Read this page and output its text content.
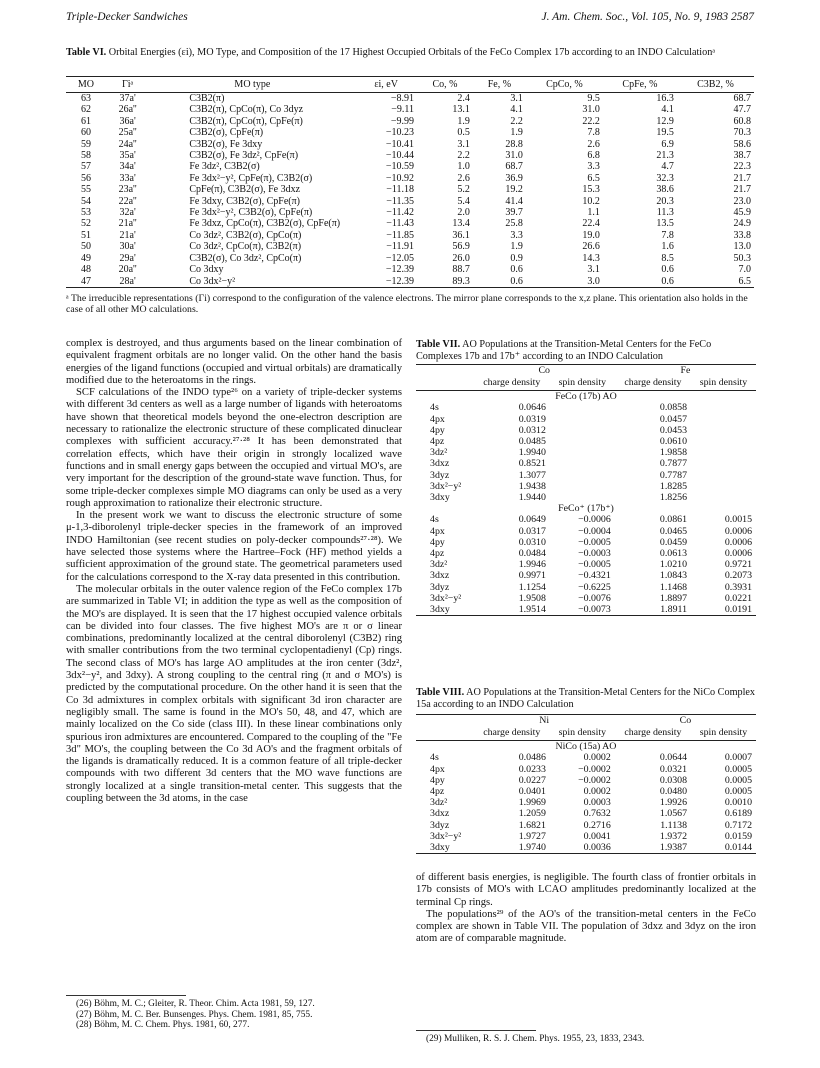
Triple-Decker Sandwiches	J. Am. Chem. Soc., Vol. 105, No. 9, 1983 2587
Table VI. Orbital Energies (εi), MO Type, and Composition of the 17 Highest Occupied Orbitals of the FeCo Complex 17b according to an INDO Calculationᵃ
MO	Γiᵃ	MO type	εi, eV	Co, %	Fe, %	CpCo, %	CpFe, %	C3B2, %
63	37a'	C3B2(π)	−8.91	2.4	3.1	9.5	16.3	68.7
62	26a''	C3B2(π), CpCo(π), Co 3dyz	−9.11	13.1	4.1	31.0	4.1	47.7
61	36a'	C3B2(π), CpCo(π), CpFe(π)	−9.99	1.9	2.2	22.2	12.9	60.8
60	25a''	C3B2(σ), CpFe(π)	−10.23	0.5	1.9	7.8	19.5	70.3
59	24a''	C3B2(σ), Fe 3dxy	−10.41	3.1	28.8	2.6	6.9	58.6
58	35a'	C3B2(σ), Fe 3dz², CpFe(π)	−10.44	2.2	31.0	6.8	21.3	38.7
57	34a'	Fe 3dz², C3B2(σ)	−10.59	1.0	68.7	3.3	4.7	22.3
56	33a'	Fe 3dx²−y², CpFe(π), C3B2(σ)	−10.92	2.6	36.9	6.5	32.3	21.7
55	23a''	CpFe(π), C3B2(σ), Fe 3dxz	−11.18	5.2	19.2	15.3	38.6	21.7
54	22a''	Fe 3dxy, C3B2(σ), CpFe(π)	−11.35	5.4	41.4	10.2	20.3	23.0
53	32a'	Fe 3dx²−y², C3B2(σ), CpFe(π)	−11.42	2.0	39.7	1.1	11.3	45.9
52	21a''	Fe 3dxz, CpCo(π), C3B2(σ), CpFe(π)	−11.43	13.4	25.8	22.4	13.5	24.9
51	21a'	Co 3dz², C3B2(σ), CpCo(π)	−11.85	36.1	3.3	19.0	7.8	33.8
50	30a'	Co 3dz², CpCo(π), C3B2(π)	−11.91	56.9	1.9	26.6	1.6	13.0
49	29a'	C3B2(σ), Co 3dz², CpCo(π)	−12.05	26.0	0.9	14.3	8.5	50.3
48	20a''	Co 3dxy	−12.39	88.7	0.6	3.1	0.6	7.0
47	28a'	Co 3dx²−y²	−12.39	89.3	0.6	3.0	0.6	6.5
ᵃ The irreducible representations (Γi) correspond to the configuration of the valence electrons. The mirror plane corresponds to the x,z plane. This orientation also holds in the case of all other MO calculations.

complex is destroyed, and thus arguments based on the linear combination of equivalent fragment orbitals are no longer valid. On the other hand the basis energies of the ligand functions (occupied and virtual orbitals) are dramatically modified due to the heteroatoms in the rings.

SCF calculations of the INDO type²⁶ on a variety of triple-decker systems with different 3d centers as well as a large number of ligands with heteroatoms have shown that theoretical models beyond the one-electron description are necessary to rationalize the electronic structure of these complicated dinuclear complexes with sufficient accuracy.²⁷·²⁸ It has been demonstrated that correlation effects, which have their origin in strongly localized wave functions and in small energy gaps between the occupied and virtual MO's, are very important for the description of the ground-state wave function. Thus, for some triple-decker complexes simple MO diagrams can only be used as a very rough approximation to rationalize their electronic structure.

In the present work we want to discuss the electronic structure of some μ-1,3-diborolenyl triple-decker species in the framework of an improved INDO Hamiltonian (see recent studies on poly-decker compounds²⁷·²⁸). We have selected those systems where the Hartree–Fock (HF) method yields a sufficient approximation of the ground state. The geometrical parameters used for the calculations correspond to the X-ray data presented in this contribution.

The molecular orbitals in the outer valence region of the FeCo complex 17b are summarized in Table VI; in addition the type as well as the composition of the MO's are displayed. It is seen that the 17 highest occupied valence orbitals can be divided into four classes. The five highest MO's are π or σ linear combinations, predominantly localized at the central diborolenyl (C3B2) ring with smaller contributions from the two terminal cyclopentadienyl (Cp) rings. The second class of MO's has large AO amplitudes at the iron center (3dz², 3dx²−y², and 3dxy). A strong coupling to the central ring (π and σ MO's) is predicted by the computational procedure. On the other hand it is seen that the Co 3d admixtures in complex orbitals with significant 3d iron character are negligibly small. The same is found in the MO's 50, 48, and 47, which are mainly localized on the Co side (class III). In these linear combinations only spurious iron admixtures are encountered. Compared to the coupling of the "Fe 3d" MO's, the coupling between the Co 3d AO's and the fragment orbitals of the ligands is dramatically reduced. It is a common feature of all triple-decker compounds with two different 3d centers that the MO wave functions are strongly localized at a single transition-metal center. This suggests that the coupling between the 3d atoms, in the case

(26) Böhm, M. C.; Gleiter, R. Theor. Chim. Acta 1981, 59, 127.
(27) Böhm, M. C. Ber. Bunsenges. Phys. Chem. 1981, 85, 755.
(28) Böhm, M. C. Chem. Phys. 1981, 60, 277.
Table VII. AO Populations at the Transition-Metal Centers for the FeCo Complexes 17b and 17b⁺ according to an INDO Calculation
	Co		Fe	
	charge density	spin density	charge density	spin density
FeCo (17b) AO				
4s	0.0646		0.0858	
4px	0.0319		0.0457	
4py	0.0312		0.0453	
4pz	0.0485		0.0610	
3dz²	1.9940		1.9858	
3dxz	0.8521		0.7877	
3dyz	1.3077		0.7787	
3dx²−y²	1.9438		1.8285	
3dxy	1.9440		1.8256	
FeCo⁺ (17b⁺)				
4s	0.0649	−0.0006	0.0861	0.0015
4px	0.0317	−0.0004	0.0465	0.0006
4py	0.0310	−0.0005	0.0459	0.0006
4pz	0.0484	−0.0003	0.0613	0.0006
3dz²	1.9946	−0.0005	1.0210	0.9721
3dxz	0.9971	−0.4321	1.0843	0.2073
3dyz	1.1254	−0.6225	1.1468	0.3931
3dx²−y²	1.9508	−0.0076	1.8897	0.0221
3dxy	1.9514	−0.0073	1.8911	0.0191
Table VIII. AO Populations at the Transition-Metal Centers for the NiCo Complex 15a according to an INDO Calculation
	Ni		Co	
	charge density	spin density	charge density	spin density
NiCo (15a) AO				
4s	0.0486	0.0002	0.0644	0.0007
4px	0.0233	−0.0002	0.0321	0.0005
4py	0.0227	−0.0002	0.0308	0.0005
4pz	0.0401	0.0002	0.0480	0.0005
3dz²	1.9969	0.0003	1.9926	0.0010
3dxz	1.2059	0.7632	1.0567	0.6189
3dyz	1.6821	0.2716	1.1138	0.7172
3dx²−y²	1.9727	0.0041	1.9372	0.0159
3dxy	1.9740	0.0036	1.9387	0.0144

of different basis energies, is negligible. The fourth class of frontier orbitals in 17b consists of MO's with LCAO amplitudes predominantly localized at the terminal Cp rings.

The populations²⁹ of the AO's of the transition-metal centers in the FeCo complex are shown in Table VII. The population of 3dxz and 3dyz on the iron atom are of comparable magnitude.

(29) Mulliken, R. S. J. Chem. Phys. 1955, 23, 1833, 2343.
